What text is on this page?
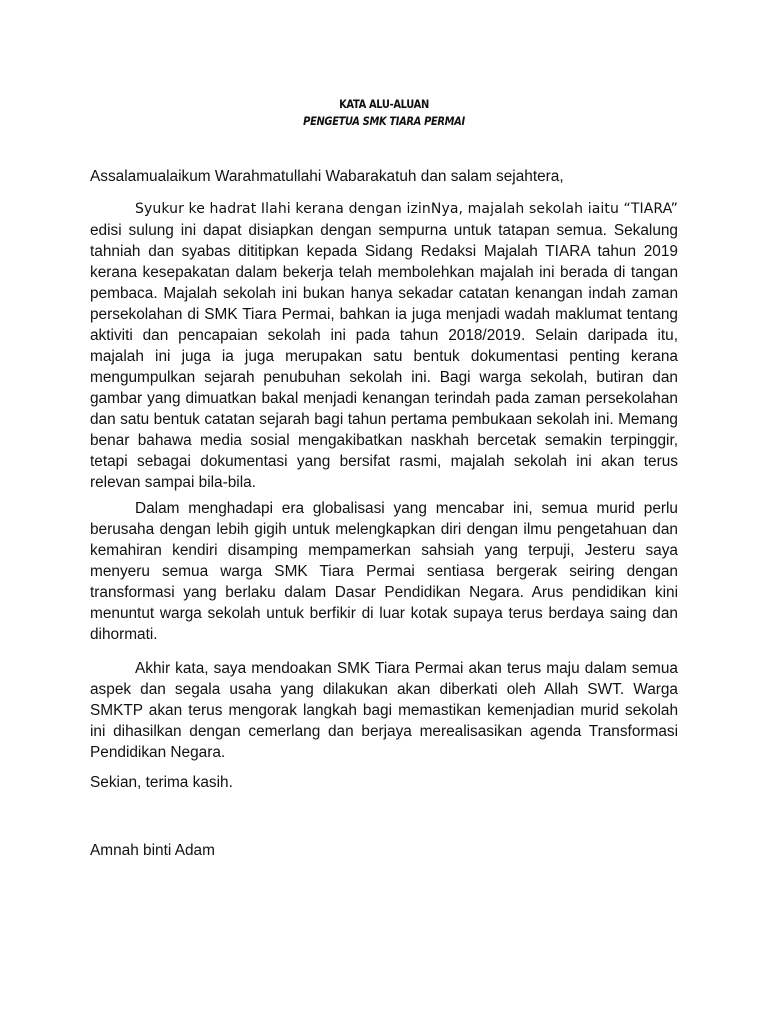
KATA ALU-ALUAN
PENGETUA SMK TIARA PERMAI

Assalamualaikum Warahmatullahi Wabarakatuh dan salam sejahtera,

Syukur ke hadrat Ilahi kerana dengan izinNya, majalah sekolah iaitu “TIARA” edisi sulung ini dapat disiapkan dengan sempurna untuk tatapan semua. Sekalung tahniah dan syabas dititipkan kepada Sidang Redaksi Majalah TIARA tahun 2019 kerana kesepakatan dalam bekerja telah membolehkan majalah ini berada di tangan pembaca. Majalah sekolah ini bukan hanya sekadar catatan kenangan indah zaman persekolahan di SMK Tiara Permai, bahkan ia juga menjadi wadah maklumat tentang aktiviti dan pencapaian sekolah ini pada tahun 2018/2019. Selain daripada itu, majalah ini juga ia juga merupakan satu bentuk dokumentasi penting kerana mengumpulkan sejarah penubuhan sekolah ini. Bagi warga sekolah, butiran dan gambar yang dimuatkan bakal menjadi kenangan terindah pada zaman persekolahan dan satu bentuk catatan sejarah bagi tahun pertama pembukaan sekolah ini. Memang benar bahawa media sosial mengakibatkan naskhah bercetak semakin terpinggir, tetapi sebagai dokumentasi yang bersifat rasmi, majalah sekolah ini akan terus relevan sampai bila-bila.

Dalam menghadapi era globalisasi yang mencabar ini, semua murid perlu berusaha dengan lebih gigih untuk melengkapkan diri dengan ilmu pengetahuan dan kemahiran kendiri disamping mempamerkan sahsiah yang terpuji, Jesteru saya menyeru semua warga SMK Tiara Permai sentiasa bergerak seiring dengan transformasi yang berlaku dalam Dasar Pendidikan Negara. Arus pendidikan kini menuntut warga sekolah untuk berfikir di luar kotak supaya terus berdaya saing dan dihormati.

Akhir kata, saya mendoakan SMK Tiara Permai akan terus maju dalam semua aspek dan segala usaha yang dilakukan akan diberkati oleh Allah SWT. Warga SMKTP akan terus mengorak langkah bagi memastikan kemenjadian murid sekolah ini dihasilkan dengan cemerlang dan berjaya merealisasikan agenda Transformasi Pendidikan Negara.

Sekian, terima kasih.

Amnah binti Adam
